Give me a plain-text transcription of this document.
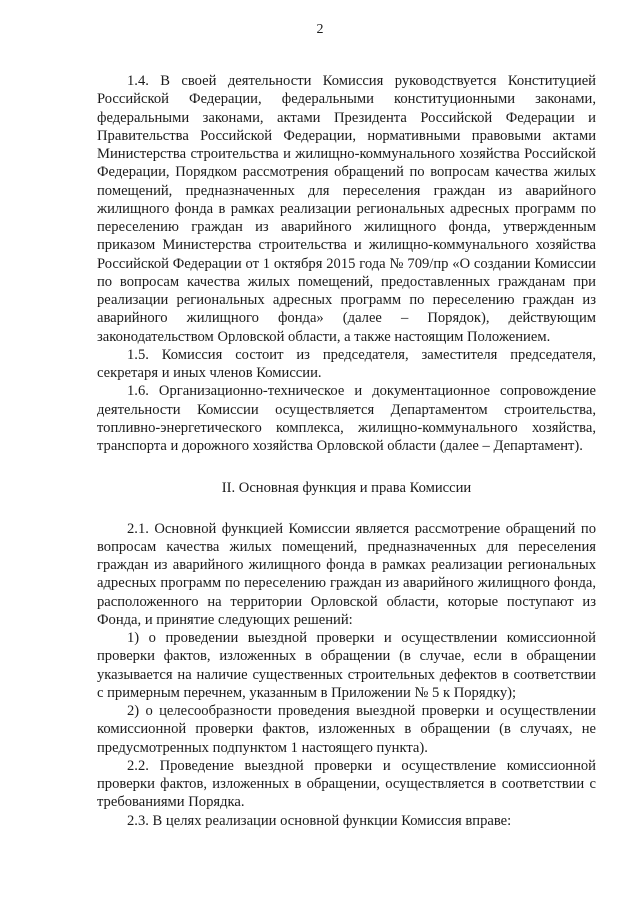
2

1.4. В своей деятельности Комиссия руководствуется Конституцией Российской Федерации, федеральными конституционными законами, федеральными законами, актами Президента Российской Федерации и Правительства Российской Федерации, нормативными правовыми актами Министерства строительства и жилищно-коммунального хозяйства Российской Федерации, Порядком рассмотрения обращений по вопросам качества жилых помещений, предназначенных для переселения граждан из аварийного жилищного фонда в рамках реализации региональных адресных программ по переселению граждан из аварийного жилищного фонда, утвержденным приказом Министерства строительства и жилищно-коммунального хозяйства Российской Федерации от 1 октября 2015 года № 709/пр «О создании Комиссии по вопросам качества жилых помещений, предоставленных гражданам при реализации региональных адресных программ по переселению граждан из аварийного жилищного фонда» (далее – Порядок), действующим законодательством Орловской области, а также настоящим Положением.

1.5. Комиссия состоит из председателя, заместителя председателя, секретаря и иных членов Комиссии.

1.6. Организационно-техническое и документационное сопровождение деятельности Комиссии осуществляется Департаментом строительства, топливно-энергетического комплекса, жилищно-коммунального хозяйства, транспорта и дорожного хозяйства Орловской области (далее – Департамент).

II. Основная функция и права Комиссии

2.1. Основной функцией Комиссии является рассмотрение обращений по вопросам качества жилых помещений, предназначенных для переселения граждан из аварийного жилищного фонда в рамках реализации региональных адресных программ по переселению граждан из аварийного жилищного фонда, расположенного на территории Орловской области, которые поступают из Фонда, и принятие следующих решений:

1) о проведении выездной проверки и осуществлении комиссионной проверки фактов, изложенных в обращении (в случае, если в обращении указывается на наличие существенных строительных дефектов в соответствии с примерным перечнем, указанным в Приложении № 5 к Порядку);

2) о целесообразности проведения выездной проверки и осуществлении комиссионной проверки фактов, изложенных в обращении (в случаях, не предусмотренных подпунктом 1 настоящего пункта).

2.2. Проведение выездной проверки и осуществление комиссионной проверки фактов, изложенных в обращении, осуществляется в соответствии с требованиями Порядка.

2.3. В целях реализации основной функции Комиссия вправе:
